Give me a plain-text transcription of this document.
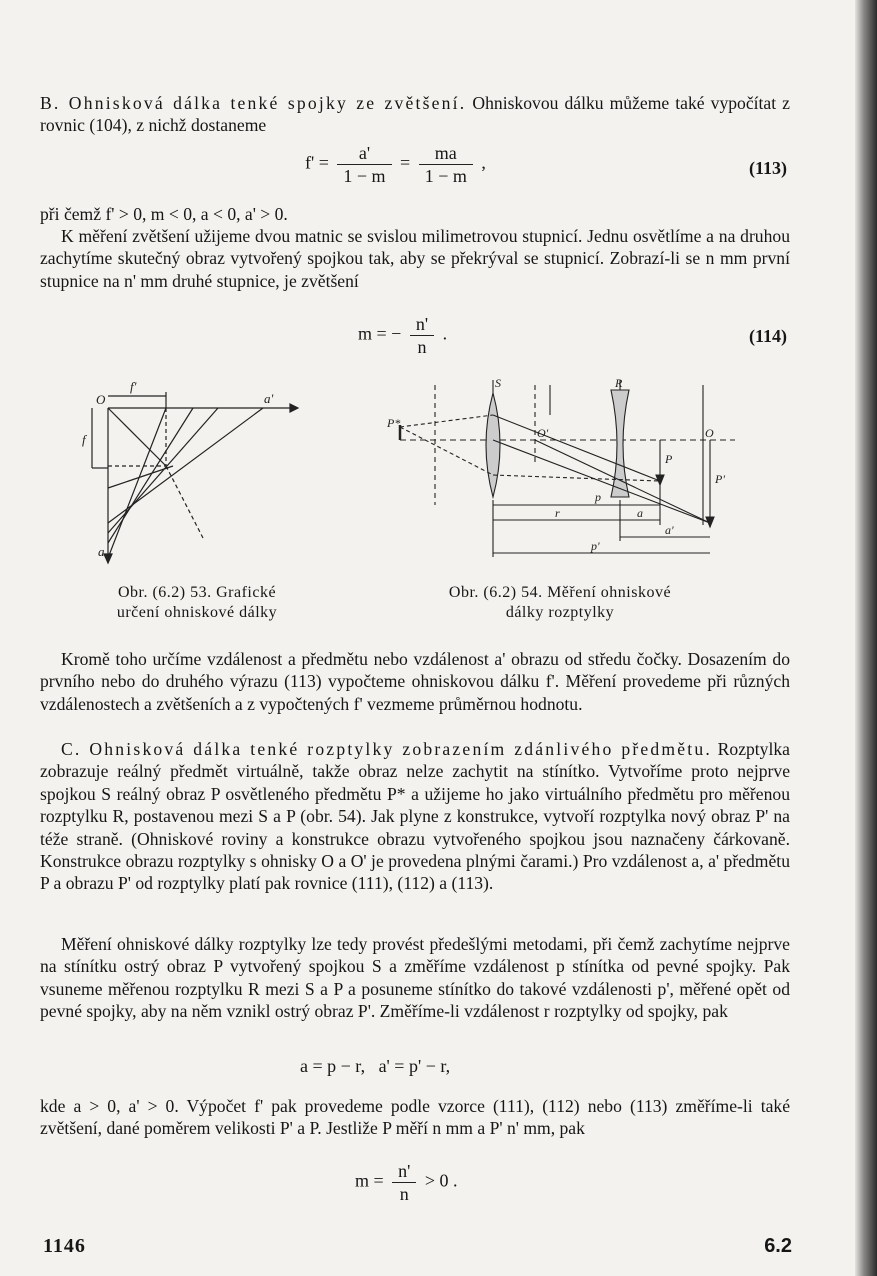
B. Ohnisková dálka tenké spojky ze zvětšení. Ohniskovou dálku můžeme také vypočítat z rovnic (104), z nichž dostaneme
$f' = \frac{a'}{1 - m} = \frac{ma}{1 - m}$ ,	(113)
při čemž f' > 0, m < 0, a < 0, a' > 0.
K měření zvětšení užijeme dvou matnic se svislou milimetrovou stupnicí. Jednu osvětlíme a na druhou zachytíme skutečný obraz vytvořený spojkou tak, aby se překrýval se stupnicí. Zobrazí-li se n mm první stupnice na n' mm druhé stupnice, je zvětšení
m = − $\frac{n'}{n}$ .	(114)
O
f'
f
a'
a
Obr. (6.2) 53. Grafické
určení ohniskové dálky
S	R
P*
O'	O
P
P'
p
r	a
a'
p'
Obr. (6.2) 54. Měření ohniskové
dálky rozptylky
Kromě toho určíme vzdálenost a předmětu nebo vzdálenost a' obrazu od středu čočky. Dosazením do prvního nebo do druhého výrazu (113) vypočteme ohniskovou dálku f'. Měření provedeme při různých vzdálenostech a zvětšeních a z vypočtených f' vezmeme průměrnou hodnotu.
C. Ohnisková dálka tenké rozptylky zobrazením zdánlivého předmětu. Rozptylka zobrazuje reálný předmět virtuálně, takže obraz nelze zachytit na stínítko. Vytvoříme proto nejprve spojkou S reálný obraz P osvětleného předmětu P* a užijeme ho jako virtuálního předmětu pro měřenou rozptylku R, postavenou mezi S a P (obr. 54). Jak plyne z konstrukce, vytvoří rozptylka nový obraz P' na téže straně. (Ohniskové roviny a konstrukce obrazu vytvořeného spojkou jsou naznačeny čárkovaně. Konstrukce obrazu rozptylky s ohnisky O a O' je provedena plnými čarami.) Pro vzdálenost a, a' předmětu P a obrazu P' od rozptylky platí pak rovnice (111), (112) a (113).
Měření ohniskové dálky rozptylky lze tedy provést předešlými metodami, při čemž zachytíme nejprve na stínítku ostrý obraz P vytvořený spojkou S a změříme vzdálenost p stínítka od pevné spojky. Pak vsuneme měřenou rozptylku R mezi S a P a posuneme stínítko do takové vzdálenosti p', měřené opět od pevné spojky, aby na něm vznikl ostrý obraz P'. Změříme-li vzdálenost r rozptylky od spojky, pak
a = p − r,   a' = p' − r,
kde a > 0, a' > 0. Výpočet f' pak provedeme podle vzorce (111), (112) nebo (113) změříme-li také zvětšení, dané poměrem velikosti P' a P. Jestliže P měří n mm a P' n' mm, pak
$m = \frac{n'}{n} > 0$ .
1146	6.2
